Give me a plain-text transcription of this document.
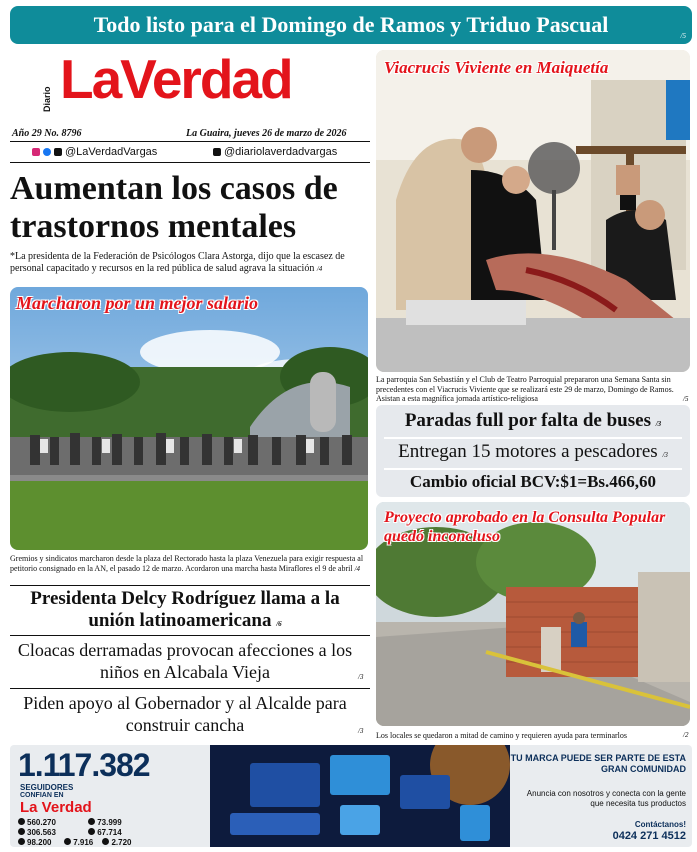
Todo listo para el Domingo de Ramos y Triduo Pascual	/5
Diario LaVerdad
Año 29 No. 8796	La Guaira, jueves 26 de marzo de 2026
@LaVerdadVargas	@diariolaverdadvargas
Aumentan los casos de trastornos mentales
*La presidenta de la Federación de Psicólogos Clara Astorga, dijo que la escasez de personal capacitado y recursos en la red pública de salud agrava la situación /4
Marcharon por un mejor salario
Gremios y sindicatos marcharon desde la plaza del Rectorado hasta la plaza Venezuela para exigir respuesta al petitorio consignado en la AN, el pasado 12 de marzo. Acordaron una marcha hasta Miraflores el 9 de abril /4
Presidenta Delcy Rodríguez llama a la unión latinoamericana /6
Cloacas derramadas provocan afecciones a los niños en Alcabala Vieja	/3
Piden apoyo al Gobernador y al Alcalde para construir cancha	/3
Viacrucis Viviente en Maiquetía
La parroquia San Sebastián y el Club de Teatro Parroquial prepararon una Semana Santa sin precedentes con el Viacrucis Viviente que se realizará este 29 de marzo, Domingo de Ramos. Asistan a esta magnífica jornada artístico-religiosa	/5
Paradas full por falta de buses /3
Entregan 15 motores a pescadores /3
Cambio oficial BCV:$1=Bs.466,60
Proyecto aprobado en la Consulta Popular quedó inconcluso
Los locales se quedaron a mitad de camino y requieren ayuda para terminarlos	/2
1.117.382
SEGUIDORES
CONFIAN EN
La Verdad
560.270	73.999
306.563	67.714
98.200	7.916 2.720
TU MARCA PUEDE SER PARTE DE ESTA GRAN COMUNIDAD
Anuncia con nosotros y conecta con la gente que necesita tus productos
Contáctanos!
0424 271 4512
